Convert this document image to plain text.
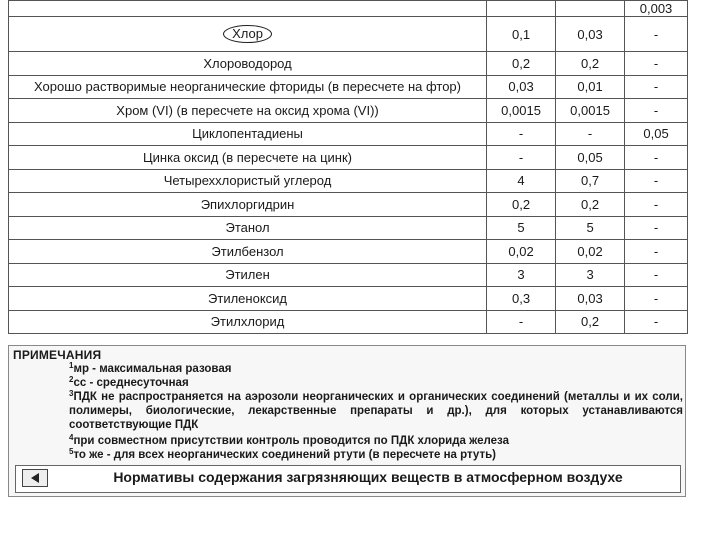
			0,003
Хлор	0,1	0,03	-
Хлороводород	0,2	0,2	-
Хорошо растворимые неорганические фториды (в пересчете на фтор)	0,03	0,01	-
Хром (VI) (в пересчете на оксид хрома (VI))	0,0015	0,0015	-
Циклопентадиены	-	-	0,05
Цинка оксид (в пересчете на цинк)	-	0,05	-
Четыреххлористый углерод	4	0,7	-
Эпихлоргидрин	0,2	0,2	-
Этанол	5	5	-
Этилбензол	0,02	0,02	-
Этилен	3	3	-
Этиленоксид	0,3	0,03	-
Этилхлорид	-	0,2	-
ПРИМЕЧАНИЯ
$^1$мр - максимальная разовая
$^2$сс - среднесуточная
$^3$ПДК не распространяется на аэрозоли неорганических и органических соединений (металлы и их соли, полимеры, биологические, лекарственные препараты и др.), для которых устанавливаются соответствующие ПДК
$^4$при совместном присутствии контроль проводится по ПДК хлорида железа
$^5$то же - для всех неорганических соединений ртути (в пересчете на ртуть)
Нормативы содержания загрязняющих веществ в атмосферном воздухе
